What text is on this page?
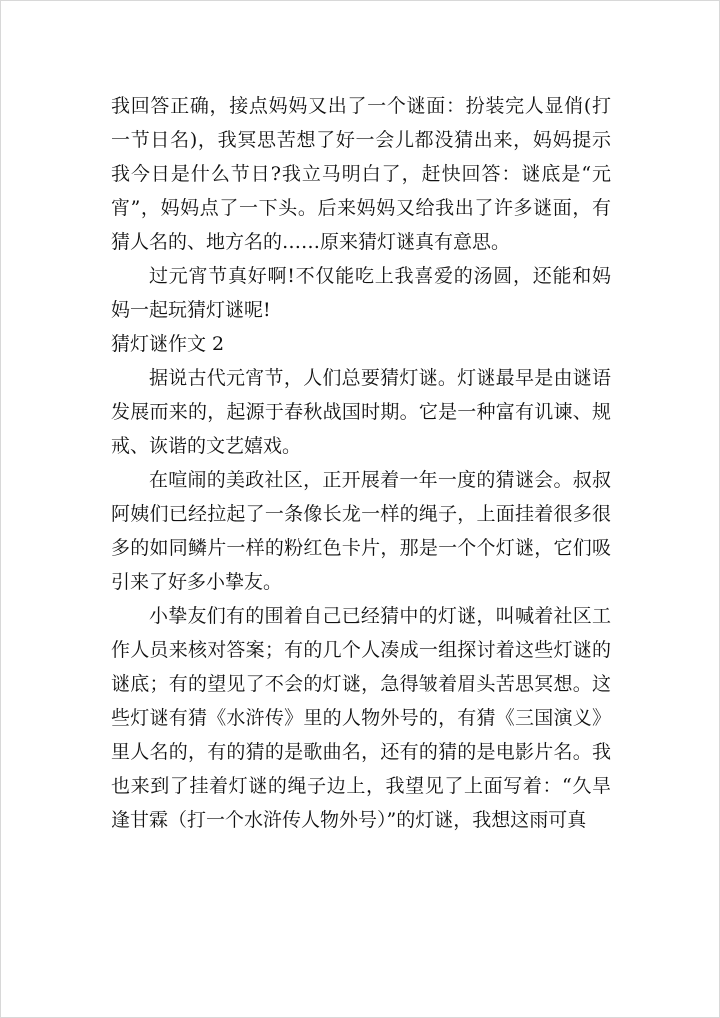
我回答正确，接点妈妈又出了一个谜面：扮装完人显俏(打一节日名)，我冥思苦想了好一会儿都没猜出来，妈妈提示我今日是什么节日?我立马明白了，赶快回答：谜底是“元宵”，妈妈点了一下头。后来妈妈又给我出了许多谜面，有猜人名的、地方名的……原来猜灯谜真有意思。

过元宵节真好啊!不仅能吃上我喜爱的汤圆，还能和妈妈一起玩猜灯谜呢!

猜灯谜作文 2

据说古代元宵节，人们总要猜灯谜。灯谜最早是由谜语发展而来的，起源于春秋战国时期。它是一种富有讥谏、规戒、诙谐的文艺嬉戏。

在喧闹的美政社区，正开展着一年一度的猜谜会。叔叔阿姨们已经拉起了一条像长龙一样的绳子，上面挂着很多很多的如同鳞片一样的粉红色卡片，那是一个个灯谜，它们吸引来了好多小挚友。

小挚友们有的围着自己已经猜中的灯谜，叫喊着社区工作人员来核对答案；有的几个人凑成一组探讨着这些灯谜的谜底；有的望见了不会的灯谜，急得皱着眉头苦思冥想。这些灯谜有猜《水浒传》里的人物外号的，有猜《三国演义》里人名的，有的猜的是歌曲名，还有的猜的是电影片名。我也来到了挂着灯谜的绳子边上，我望见了上面写着：“久旱逢甘霖（打一个水浒传人物外号）”的灯谜，我想这雨可真
